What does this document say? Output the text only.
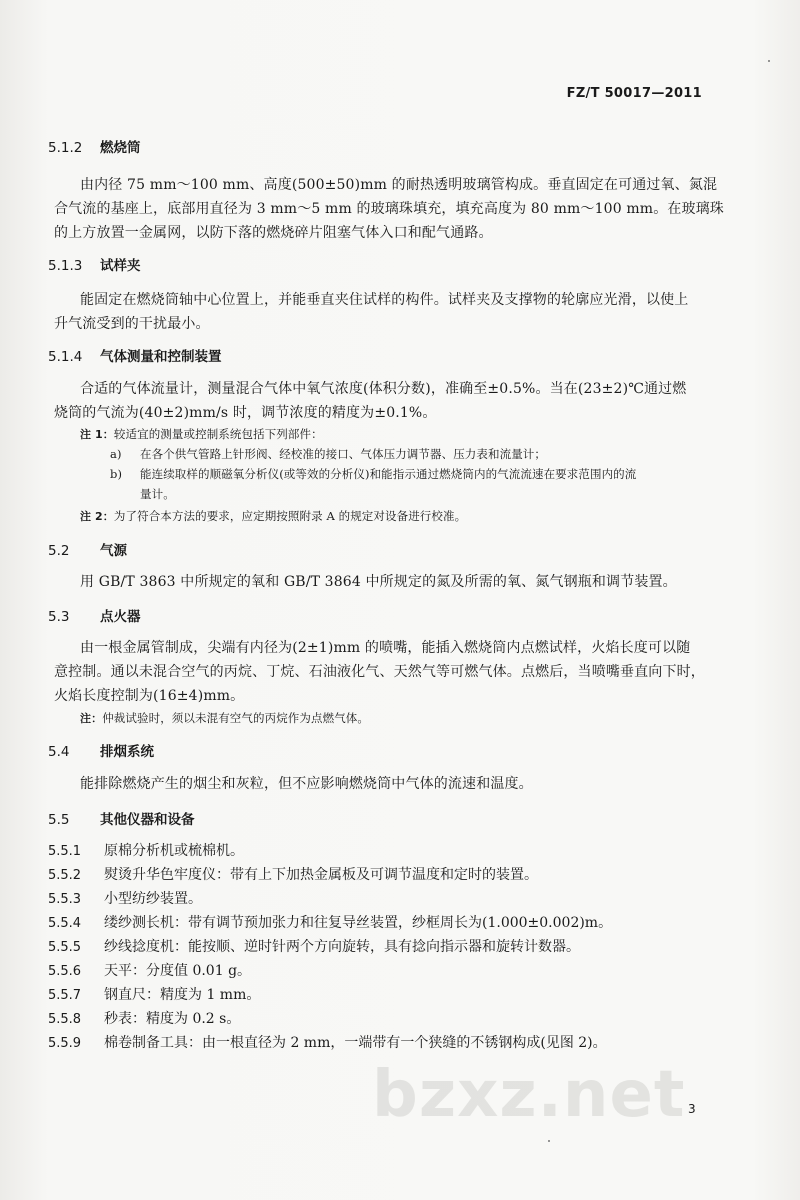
FZ/T 50017—2011
5.1.2 燃烧筒
由内径 75 mm～100 mm、高度(500±50)mm 的耐热透明玻璃管构成。垂直固定在可通过氧、氮混
合气流的基座上，底部用直径为 3 mm～5 mm 的玻璃珠填充，填充高度为 80 mm～100 mm。在玻璃珠
的上方放置一金属网，以防下落的燃烧碎片阻塞气体入口和配气通路。
5.1.3 试样夹
能固定在燃烧筒轴中心位置上，并能垂直夹住试样的构件。试样夹及支撑物的轮廓应光滑，以使上
升气流受到的干扰最小。
5.1.4 气体测量和控制装置
合适的气体流量计，测量混合气体中氧气浓度(体积分数)，准确至±0.5%。当在(23±2)℃通过燃
烧筒的气流为(40±2)mm/s 时，调节浓度的精度为±0.1%。
注 1：较适宜的测量或控制系统包括下列部件：
a) 在各个供气管路上针形阀、经校准的接口、气体压力调节器、压力表和流量计；
b) 能连续取样的顺磁氧分析仪(或等效的分析仪)和能指示通过燃烧筒内的气流流速在要求范围内的流
量计。
注 2：为了符合本方法的要求，应定期按照附录 A 的规定对设备进行校准。
5.2 气源
用 GB/T 3863 中所规定的氧和 GB/T 3864 中所规定的氮及所需的氧、氮气钢瓶和调节装置。
5.3 点火器
由一根金属管制成，尖端有内径为(2±1)mm 的喷嘴，能插入燃烧筒内点燃试样，火焰长度可以随
意控制。通以未混合空气的丙烷、丁烷、石油液化气、天然气等可燃气体。点燃后，当喷嘴垂直向下时，
火焰长度控制为(16±4)mm。
注：仲裁试验时，须以未混有空气的丙烷作为点燃气体。
5.4 排烟系统
能排除燃烧产生的烟尘和灰粒，但不应影响燃烧筒中气体的流速和温度。
5.5 其他仪器和设备
5.5.1 原棉分析机或梳棉机。
5.5.2 熨烫升华色牢度仪：带有上下加热金属板及可调节温度和定时的装置。
5.5.3 小型纺纱装置。
5.5.4 缕纱测长机：带有调节预加张力和往复导丝装置，纱框周长为(1.000±0.002)m。
5.5.5 纱线捻度机：能按顺、逆时针两个方向旋转，具有捻向指示器和旋转计数器。
5.5.6 天平：分度值 0.01 g。
5.5.7 钢直尺：精度为 1 mm。
5.5.8 秒表：精度为 0.2 s。
5.5.9 棉卷制备工具：由一根直径为 2 mm，一端带有一个狭缝的不锈钢构成(见图 2)。
bzxz.net 3
